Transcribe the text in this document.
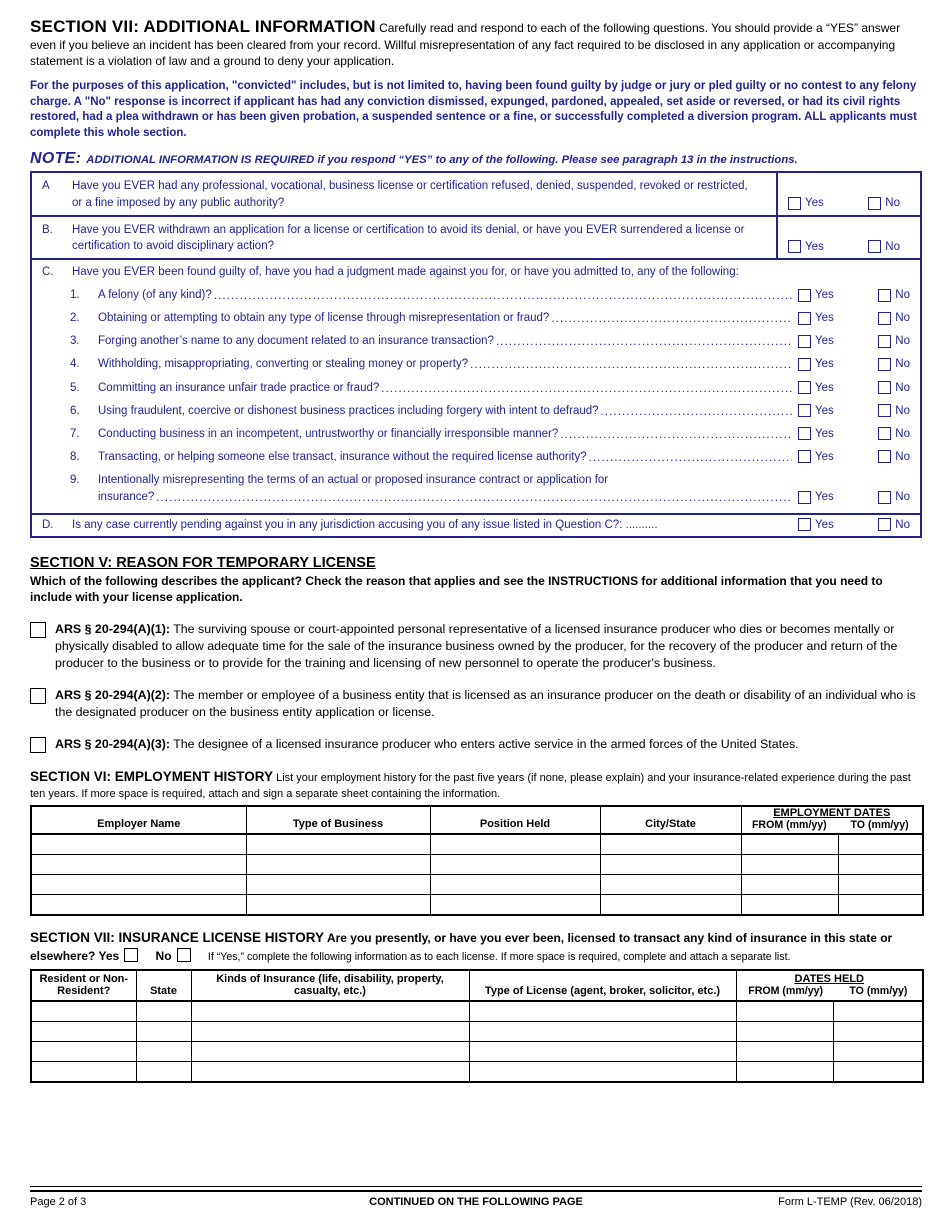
SECTION VII: ADDITIONAL INFORMATION Carefully read and respond to each of the following questions. You should provide a “YES” answer even if you believe an incident has been cleared from your record. Willful misrepresentation of any fact required to be disclosed in any application or accompanying statement is a violation of law and a ground to deny your application.
For the purposes of this application, "convicted" includes, but is not limited to, having been found guilty by judge or jury or pled guilty or no contest to any felony charge. A "No" response is incorrect if applicant has had any conviction dismissed, expunged, pardoned, appealed, set aside or reversed, or had its civil rights restored, had a plea withdrawn or has been given probation, a suspended sentence or a fine, or successfully completed a diversion program. ALL applicants must complete this whole section.
NOTE: ADDITIONAL INFORMATION IS REQUIRED if you respond “YES” to any of the following. Please see paragraph 13 in the instructions.
A	Have you EVER had any professional, vocational, business license or certification refused, denied, suspended, revoked or restricted, or a fine imposed by any public authority?	Yes	No
B.	Have you EVER withdrawn an application for a license or certification to avoid its denial, or have you EVER surrendered a license or certification to avoid disciplinary action?	Yes	No
C.	Have you EVER been found guilty of, have you had a judgment made against you for, or have you admitted to, any of the following:
1.	A felony (of any kind)? .....	Yes	No
2.	Obtaining or attempting to obtain any type of license through misrepresentation or fraud? .....	Yes	No
3.	Forging another’s name to any document related to an insurance transaction? .....	Yes	No
4.	Withholding, misappropriating, converting or stealing money or property? .....	Yes	No
5.	Committing an insurance unfair trade practice or fraud? .....	Yes	No
6.	Using fraudulent, coercive or dishonest business practices including forgery with intent to defraud? .....	Yes	No
7.	Conducting business in an incompetent, untrustworthy or financially irresponsible manner? .....	Yes	No
8.	Transacting, or helping someone else transact, insurance without the required license authority? .....	Yes	No
9.	Intentionally misrepresenting the terms of an actual or proposed insurance contract or application for
insurance? .....	Yes	No
D.	Is any case currently pending against you in any jurisdiction accusing you of any issue listed in Question C?: ..........	Yes	No
SECTION V: REASON FOR TEMPORARY LICENSE
Which of the following describes the applicant? Check the reason that applies and see the INSTRUCTIONS for additional information that you need to include with your license application.
ARS § 20-294(A)(1): The surviving spouse or court-appointed personal representative of a licensed insurance producer who dies or becomes mentally or physically disabled to allow adequate time for the sale of the insurance business owned by the producer, for the recovery of the producer and return of the producer to the business or to provide for the training and licensing of new personnel to operate the producer's business.
ARS § 20-294(A)(2): The member or employee of a business entity that is licensed as an insurance producer on the death or disability of an individual who is the designated producer on the business entity application or license.
ARS § 20-294(A)(3): The designee of a licensed insurance producer who enters active service in the armed forces of the United States.
SECTION VI: EMPLOYMENT HISTORY List your employment history for the past five years (if none, please explain) and your insurance-related experience during the past ten years. If more space is required, attach and sign a separate sheet containing the information.
Employer Name	Type of Business	Position Held	City/State	EMPLOYMENT DATES
FROM (mm/yy) TO (mm/yy)	

SECTION VII: INSURANCE LICENSE HISTORY Are you presently, or have you ever been, licensed to transact any kind of insurance in this state or elsewhere? Yes	No	If “Yes,” complete the following information as to each license. If more space is required, complete and attach a separate list.
Resident or Non-Resident?	State	Kinds of Insurance (life, disability, property, casualty, etc.)	Type of License (agent, broker, solicitor, etc.)	DATES HELD
FROM (mm/yy) TO (mm/yy)	

Page 2 of 3	CONTINUED ON THE FOLLOWING PAGE	Form L-TEMP (Rev. 06/2018)
